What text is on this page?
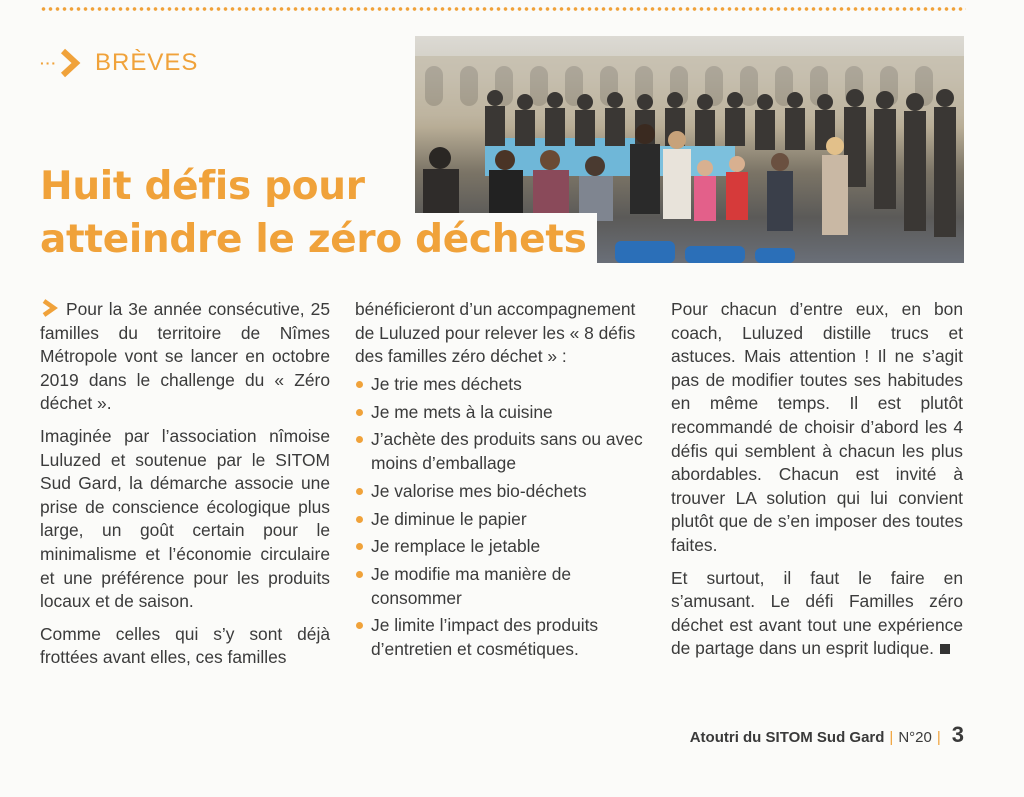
··· BRÈVES
Huit défis pour
atteindre le zéro déchets

Pour la 3e année consécutive, 25 familles du territoire de Nîmes Métropole vont se lancer en octobre 2019 dans le challenge du « Zéro déchet ».

Imaginée par l’association nîmoise Luluzed et soutenue par le SITOM Sud Gard, la démarche associe une prise de conscience écologique plus large, un goût certain pour le minimalisme et l’économie circulaire et une préférence pour les produits locaux et de saison.

Comme celles qui s’y sont déjà frottées avant elles, ces familles

bénéficieront d’un accompagnement de Luluzed pour relever les « 8 défis des familles zéro déchet » :

Je trie mes déchets
Je me mets à la cuisine
J’achète des produits sans ou avec moins d’emballage
Je valorise mes bio-déchets
Je diminue le papier
Je remplace le jetable
Je modifie ma manière de consommer
Je limite l’impact des produits d’entretien et cosmétiques.

Pour chacun d’entre eux, en bon coach, Luluzed distille trucs et astuces. Mais attention ! Il ne s’agit pas de modifier toutes ses habitudes en même temps. Il est plutôt recommandé de choisir d’abord les 4 défis qui semblent à chacun les plus abordables. Chacun est invité à trouver LA solution qui lui convient plutôt que de s’en imposer des toutes faites.

Et surtout, il faut le faire en s’amusant. Le défi Familles zéro déchet est avant tout une expérience de partage dans un esprit ludique.

Atoutri du SITOM Sud Gard | N°20 | 3
